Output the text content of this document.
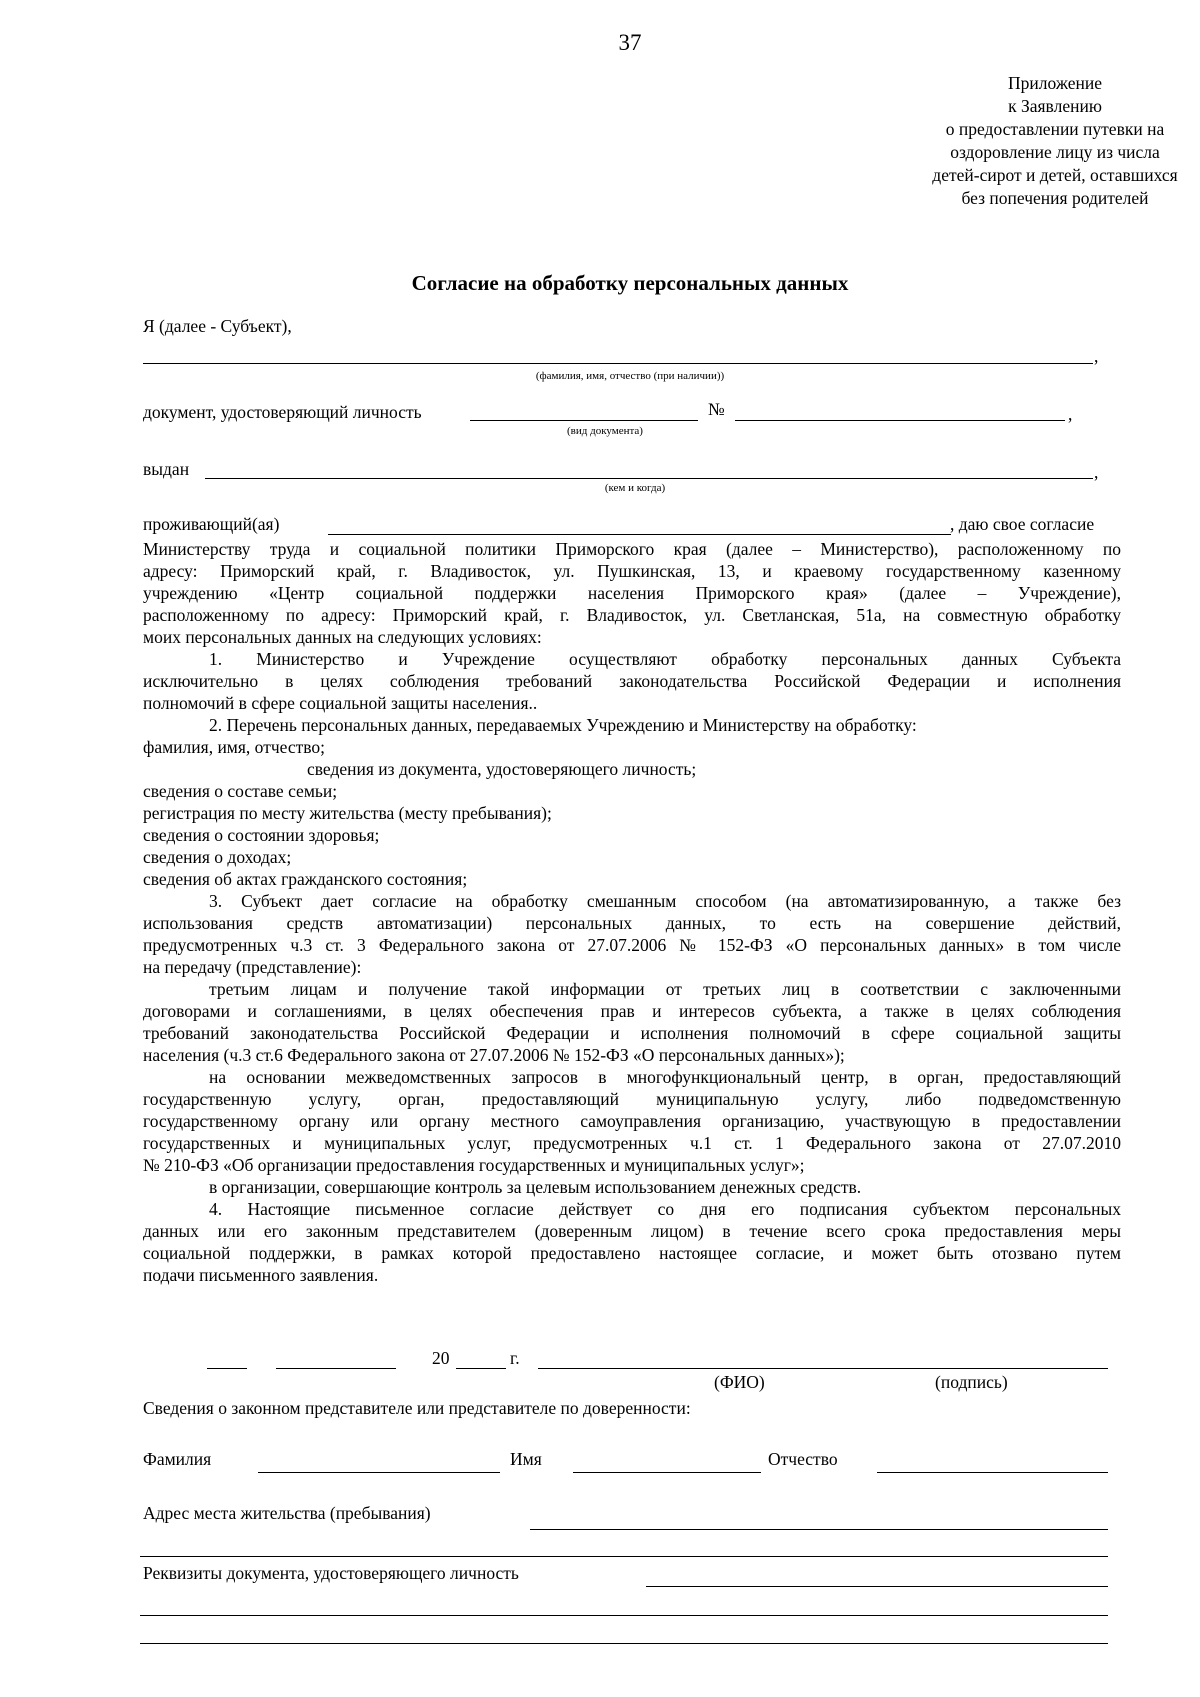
37
Приложение
к Заявлению
о предоставлении путевки на
оздоровление лицу из числа
детей-сирот и детей, оставшихся
без попечения родителей
Согласие на обработку персональных данных
Я (далее - Субъект),
,
(фамилия, имя, отчество (при наличии))
документ, удостоверяющий личность	№	,
(вид документа)
выдан	,
(кем и когда)
проживающий(ая)	, даю свое согласие
Министерству труда и социальной политики Приморского края (далее – Министерство), расположенному по
адресу: Приморский край, г. Владивосток, ул. Пушкинская, 13, и краевому государственному казенному
учреждению «Центр социальной поддержки населения Приморского края» (далее – Учреждение),
расположенному по адресу: Приморский край, г. Владивосток, ул. Светланская, 51а, на совместную обработку
моих персональных данных на следующих условиях:
1. Министерство и Учреждение осуществляют обработку персональных данных Субъекта
исключительно в целях соблюдения требований законодательства Российской Федерации и исполнения
полномочий в сфере социальной защиты населения..
2. Перечень персональных данных, передаваемых Учреждению и Министерству на обработку:
фамилия, имя, отчество;
сведения из документа, удостоверяющего личность;
сведения о составе семьи;
регистрация по месту жительства (месту пребывания);
сведения о состоянии здоровья;
сведения о доходах;
сведения об актах гражданского состояния;
3. Субъект дает согласие на обработку смешанным способом (на автоматизированную, а также без
использования средств автоматизации) персональных данных, то есть на совершение действий,
предусмотренных ч.3 ст. 3 Федерального закона от 27.07.2006 № 152-ФЗ «О персональных данных» в том числе
на передачу (представление):
третьим лицам и получение такой информации от третьих лиц в соответствии с заключенными
договорами и соглашениями, в целях обеспечения прав и интересов субъекта, а также в целях соблюдения
требований законодательства Российской Федерации и исполнения полномочий в сфере социальной защиты
населения (ч.3 ст.6 Федерального закона от 27.07.2006 № 152-ФЗ «О персональных данных»);
на основании межведомственных запросов в многофункциональный центр, в орган, предоставляющий
государственную услугу, орган, предоставляющий муниципальную услугу, либо подведомственную
государственному органу или органу местного самоуправления организацию, участвующую в предоставлении
государственных и муниципальных услуг, предусмотренных ч.1 ст. 1 Федерального закона от 27.07.2010
№ 210-ФЗ «Об организации предоставления государственных и муниципальных услуг»;
в организации, совершающие контроль за целевым использованием денежных средств.
4. Настоящие письменное согласие действует со дня его подписания субъектом персональных
данных или его законным представителем (доверенным лицом) в течение всего срока предоставления меры
социальной поддержки, в рамках которой предоставлено настоящее согласие, и может быть отозвано путем
подачи письменного заявления.
20	г.
(ФИО)	(подпись)
Сведения о законном представителе или представителе по доверенности:
Фамилия	Имя	Отчество
Адрес места жительства (пребывания)
Реквизиты документа, удостоверяющего личность
